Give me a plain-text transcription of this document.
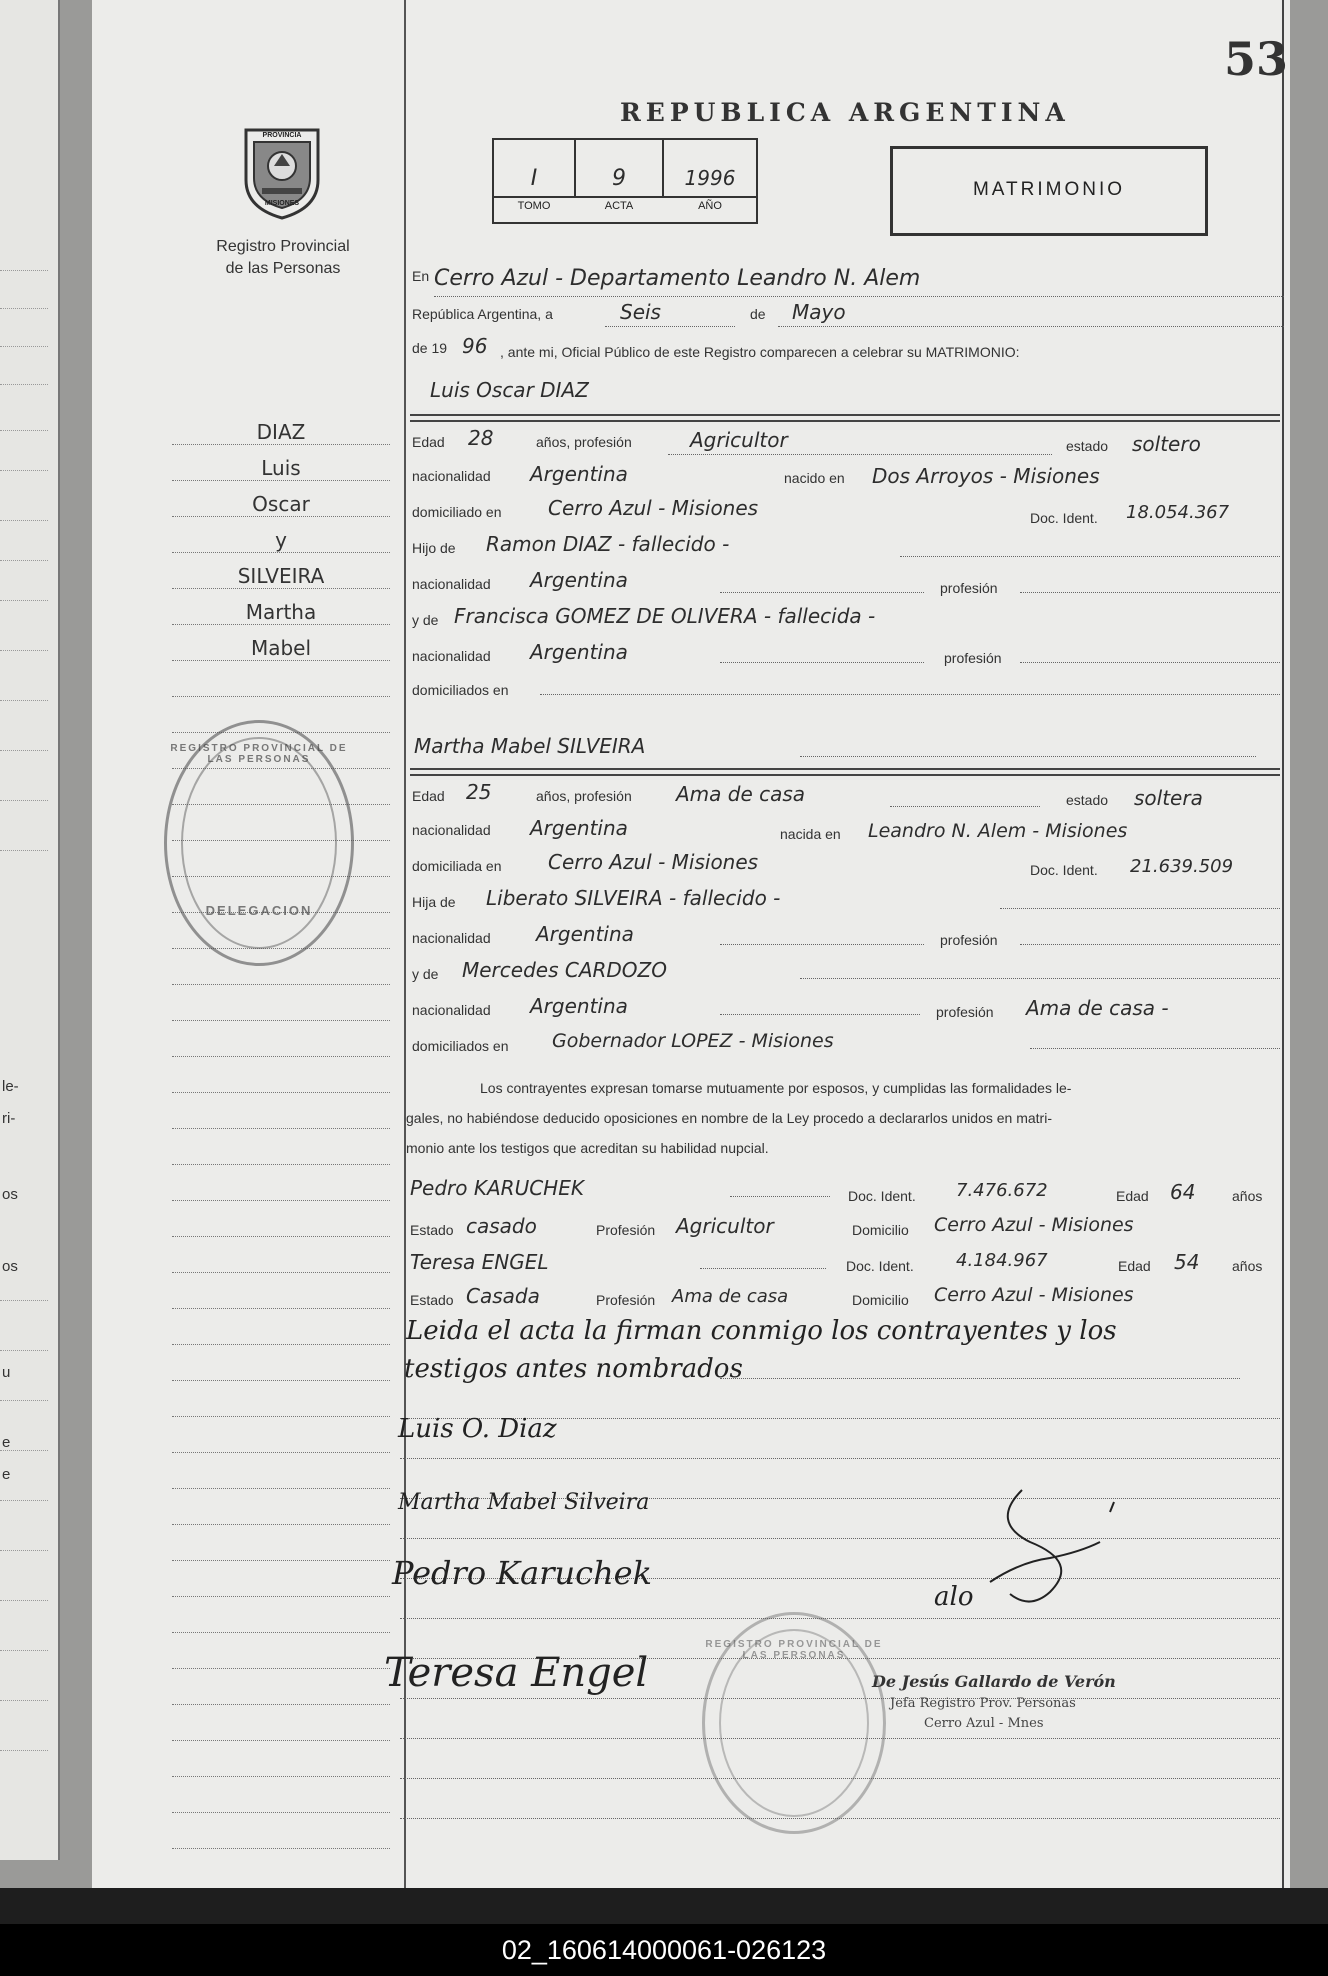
le-
ri-
os
os
u
e
e
53
PROVINCIA
MISIONES
Registro Provincial
de las Personas
REPUBLICA ARGENTINA
I	9	1996
TOMO	ACTA	AÑO
MATRIMONIO
En Cerro Azul - Departamento Leandro N. Alem
República Argentina, a	Seis	de Mayo
de 19 96 , ante mi, Oficial Público de este Registro comparecen a celebrar su MATRIMONIO:
Luis Oscar DIAZ
Edad 28	años, profesión	Agricultor	estado soltero
nacionalidad Argentina	nacido en Dos Arroyos - Misiones
domiciliado en Cerro Azul - Misiones	Doc. Ident. 18.054.367
Hijo de Ramon DIAZ - fallecido -
nacionalidad Argentina	profesión
y de Francisca GOMEZ DE OLIVERA - fallecida -
nacionalidad Argentina	profesión
domiciliados en
Martha Mabel SILVEIRA
Edad 25	años, profesión Ama de casa	estado soltera
nacionalidad Argentina	nacida en Leandro N. Alem - Misiones
domiciliada en Cerro Azul - Misiones	Doc. Ident. 21.639.509
Hija de Liberato SILVEIRA - fallecido -
nacionalidad Argentina	profesión
y de Mercedes CARDOZO
nacionalidad Argentina	profesión Ama de casa -
domiciliados en Gobernador LOPEZ - Misiones
Los contrayentes expresan tomarse mutuamente por esposos, y cumplidas las formalidades le-
gales, no habiéndose deducido oposiciones en nombre de la Ley procedo a declararlos unidos en matri-
monio ante los testigos que acreditan su habilidad nupcial.
Pedro KARUCHEK	Doc. Ident. 7.476.672	Edad 64	años
Estado casado	Profesión Agricultor	Domicilio Cerro Azul - Misiones
Teresa ENGEL	Doc. Ident. 4.184.967	Edad 54 años
Estado Casada	Profesión Ama de casa	Domicilio Cerro Azul - Misiones
Leida el acta la firman conmigo los contrayentes y los
testigos antes nombrados
Luis O. Diaz
Martha Mabel Silveira
Pedro Karuchek
Teresa Engel
alo
De Jesús Gallardo de Verón
Jefa Registro Prov. Personas
Cerro Azul - Mnes
DIAZ
Luis
Oscar
y
SILVEIRA
Martha
Mabel
REGISTRO PROVINCIAL DE LAS PERSONAS
DELEGACION
REGISTRO PROVINCIAL DE LAS PERSONAS
02_160614000061-026123
